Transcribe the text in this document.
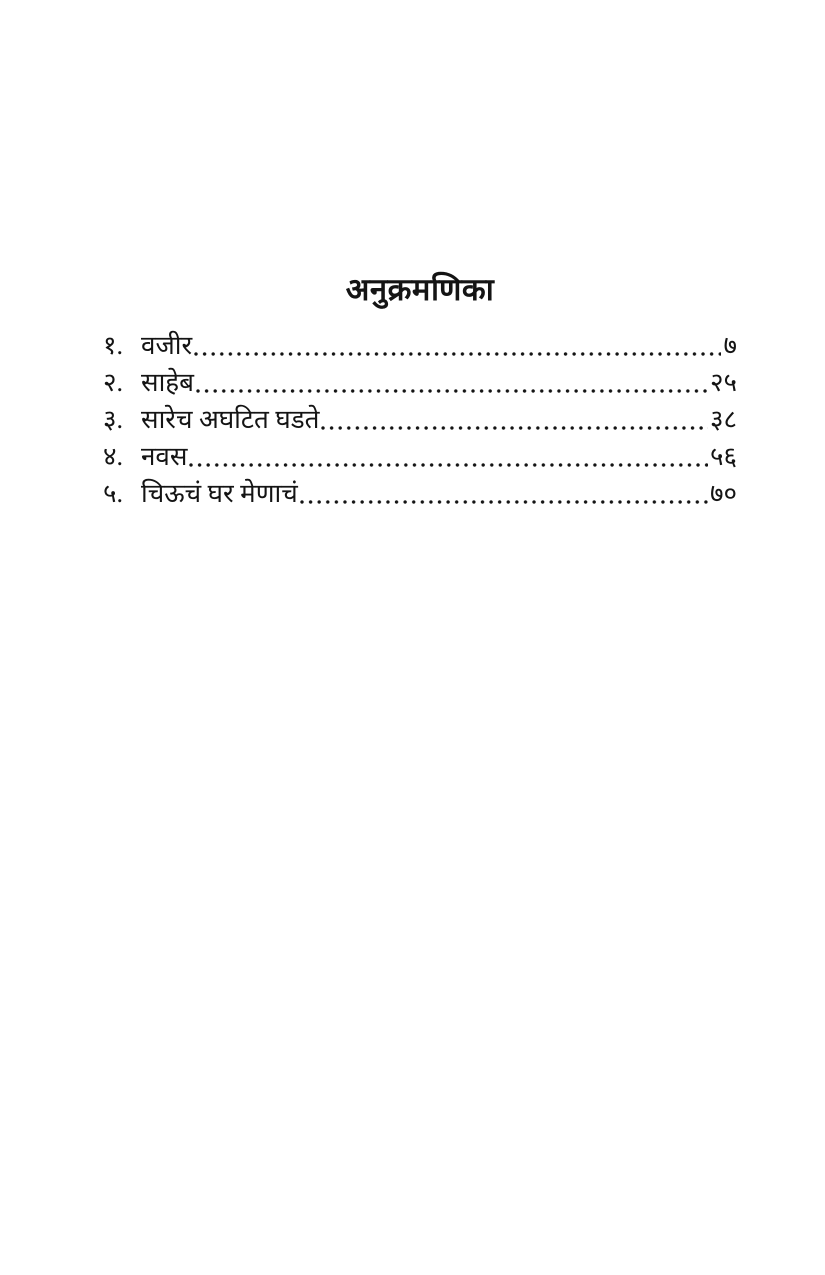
अनुक्रमणिका
१. वजीर	७
२. साहेब	२५
३. सारेच अघटित घडते	३८
४. नवस	५६
५. चिऊचं घर मेणाचं	७०
